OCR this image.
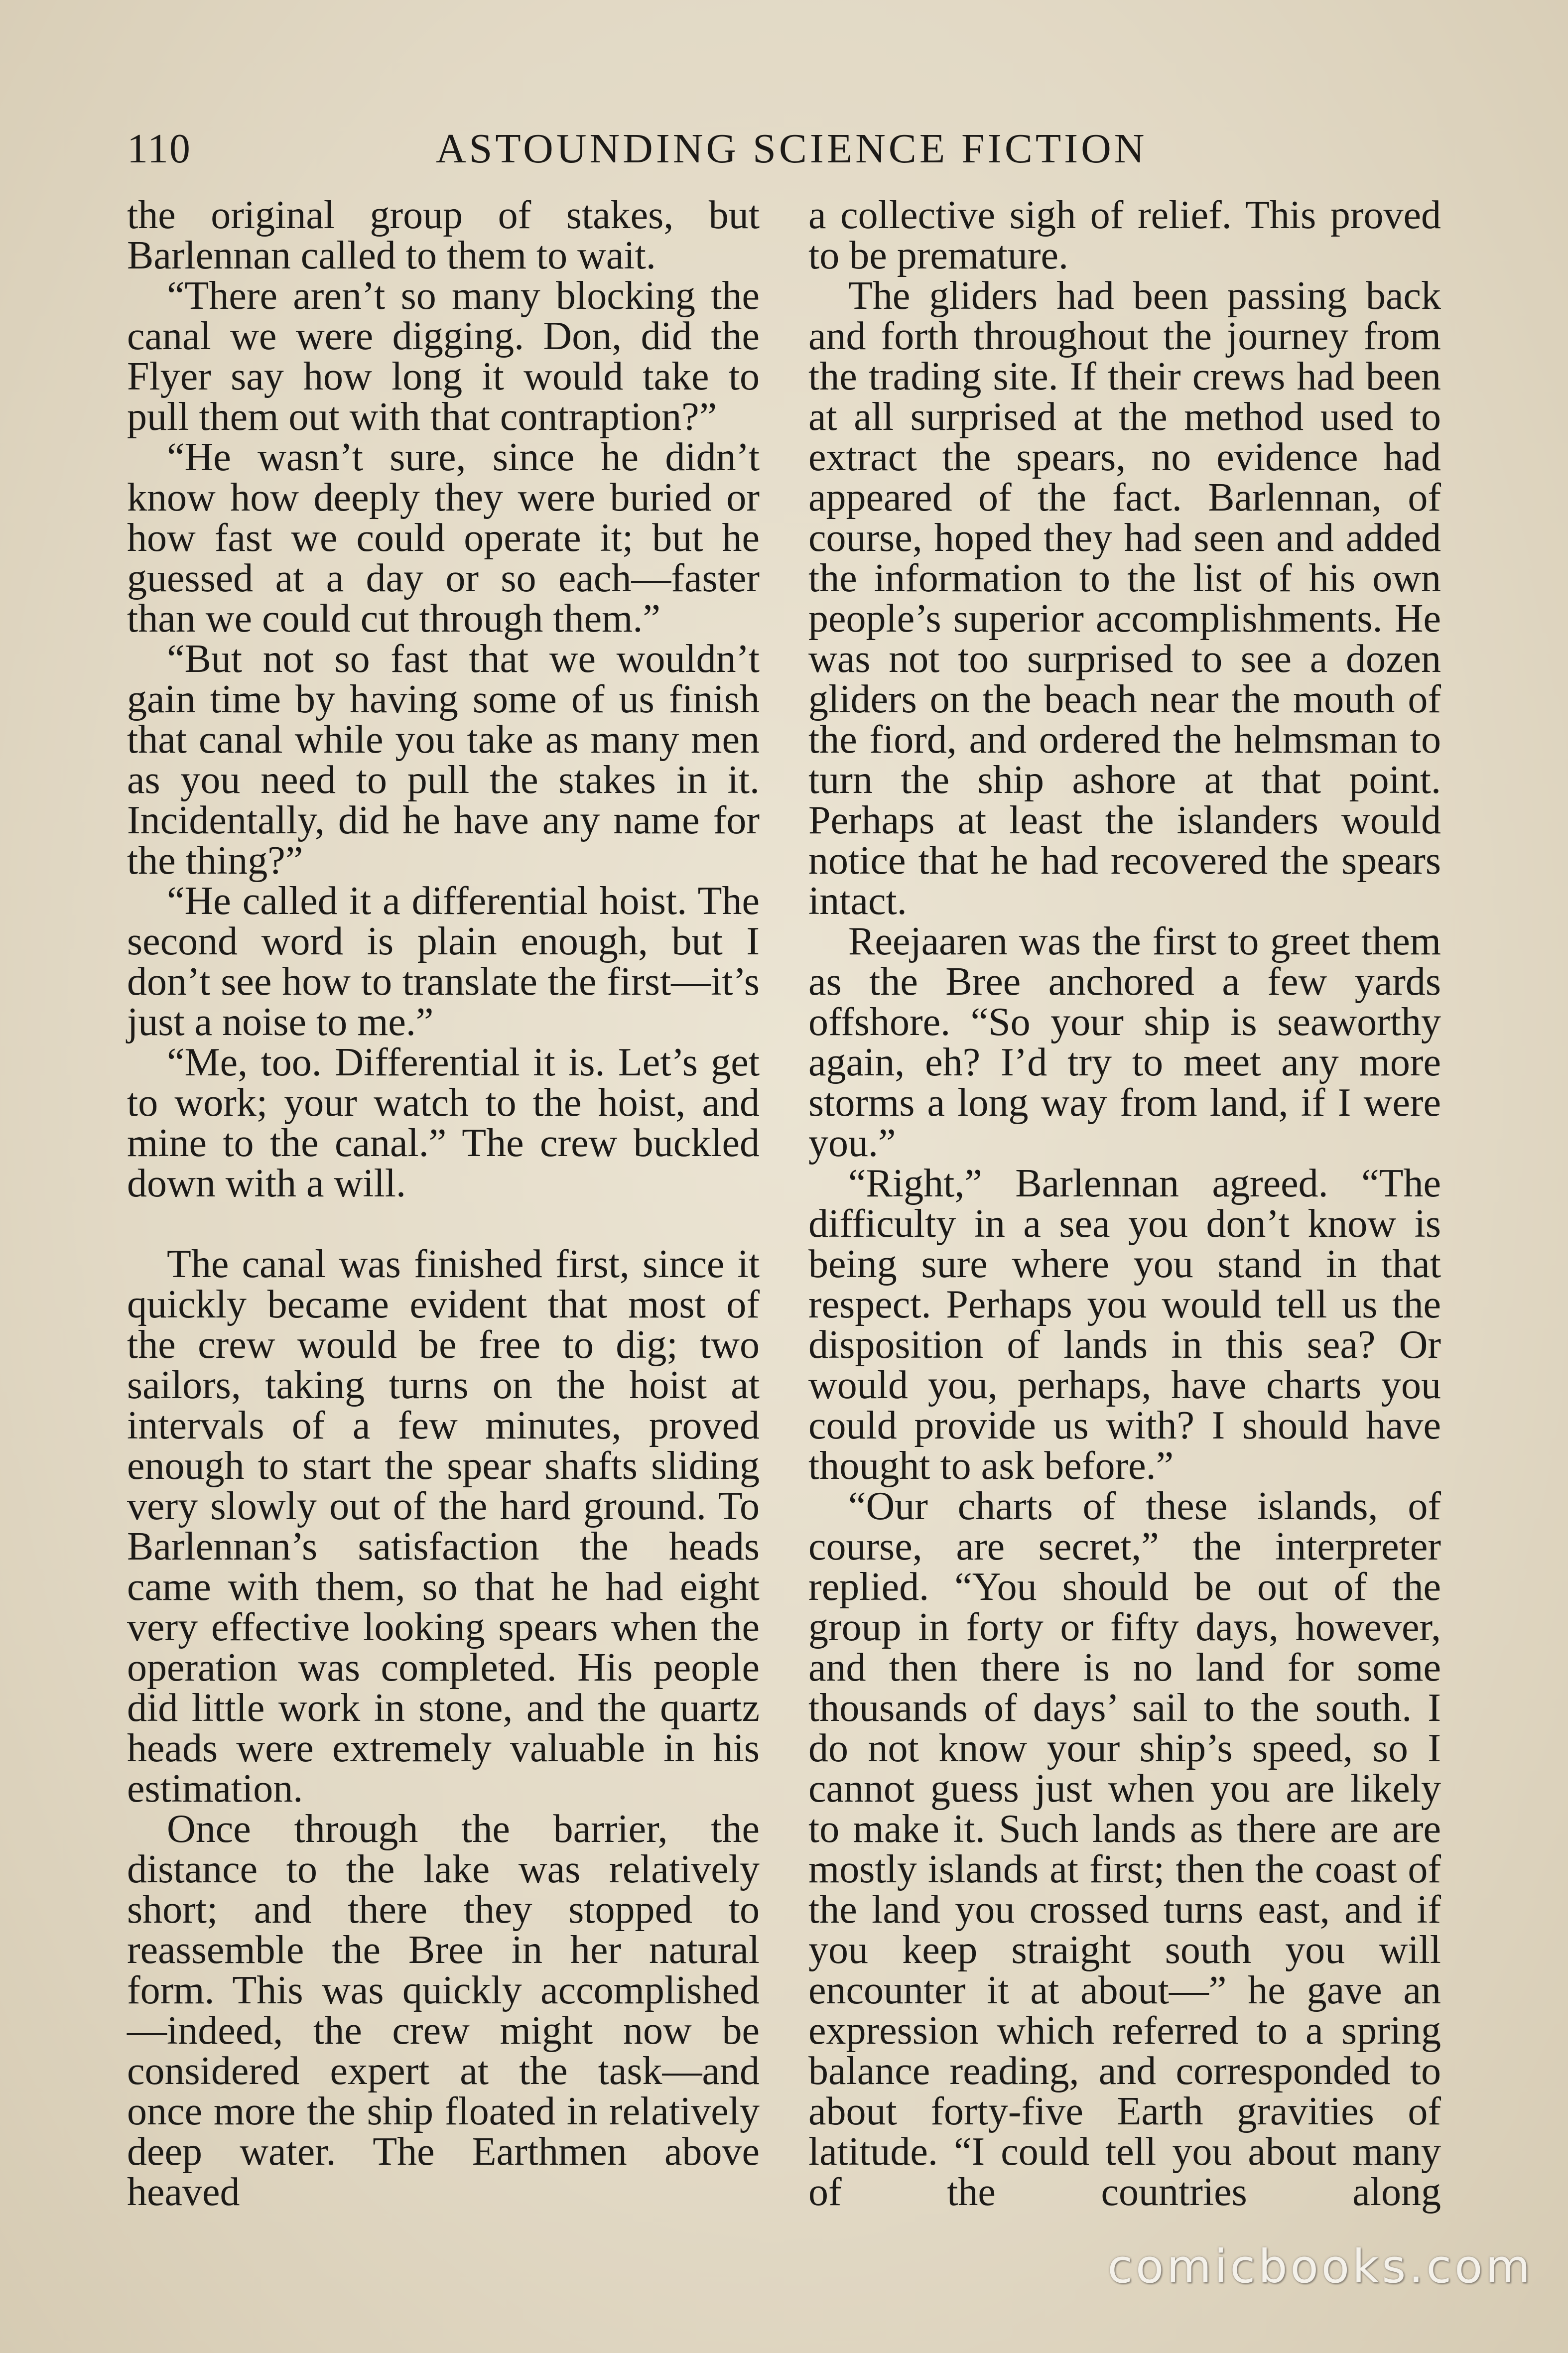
110	ASTOUNDING SCIENCE FICTION

the original group of stakes, but Barlennan called to them to wait.

“There aren’t so many blocking the canal we were digging. Don, did the Flyer say how long it would take to pull them out with that contraption?”

“He wasn’t sure, since he didn’t know how deeply they were buried or how fast we could operate it; but he guessed at a day or so each—faster than we could cut through them.”

“But not so fast that we wouldn’t gain time by having some of us finish that canal while you take as many men as you need to pull the stakes in it. Incidentally, did he have any name for the thing?”

“He called it a differential hoist. The second word is plain enough, but I don’t see how to translate the first—it’s just a noise to me.”

“Me, too. Differential it is. Let’s get to work; your watch to the hoist, and mine to the canal.” The crew buckled down with a will.

The canal was finished first, since it quickly became evident that most of the crew would be free to dig; two sailors, taking turns on the hoist at intervals of a few minutes, proved enough to start the spear shafts sliding very slowly out of the hard ground. To Barlennan’s satisfaction the heads came with them, so that he had eight very effective looking spears when the operation was completed. His people did little work in stone, and the quartz heads were extremely valuable in his estimation.

Once through the barrier, the distance to the lake was relatively short; and there they stopped to reassemble the Bree in her natural form. This was quickly accomplished—indeed, the crew might now be considered expert at the task—and once more the ship floated in relatively deep water. The Earthmen above heaved

a collective sigh of relief. This proved to be premature.

The gliders had been passing back and forth throughout the journey from the trading site. If their crews had been at all surprised at the method used to extract the spears, no evidence had appeared of the fact. Barlennan, of course, hoped they had seen and added the information to the list of his own people’s superior accomplishments. He was not too surprised to see a dozen gliders on the beach near the mouth of the fiord, and ordered the helmsman to turn the ship ashore at that point. Perhaps at least the islanders would notice that he had recovered the spears intact.

Reejaaren was the first to greet them as the Bree anchored a few yards offshore. “So your ship is seaworthy again, eh? I’d try to meet any more storms a long way from land, if I were you.”

“Right,” Barlennan agreed. “The difficulty in a sea you don’t know is being sure where you stand in that respect. Perhaps you would tell us the disposition of lands in this sea? Or would you, perhaps, have charts you could provide us with? I should have thought to ask before.”

“Our charts of these islands, of course, are secret,” the interpreter replied. “You should be out of the group in forty or fifty days, however, and then there is no land for some thousands of days’ sail to the south. I do not know your ship’s speed, so I cannot guess just when you are likely to make it. Such lands as there are are mostly islands at first; then the coast of the land you crossed turns east, and if you keep straight south you will encounter it at about—” he gave an expression which referred to a spring balance reading, and corresponded to about forty-five Earth gravities of latitude. “I could tell you about many of the countries along

comicbooks.com
